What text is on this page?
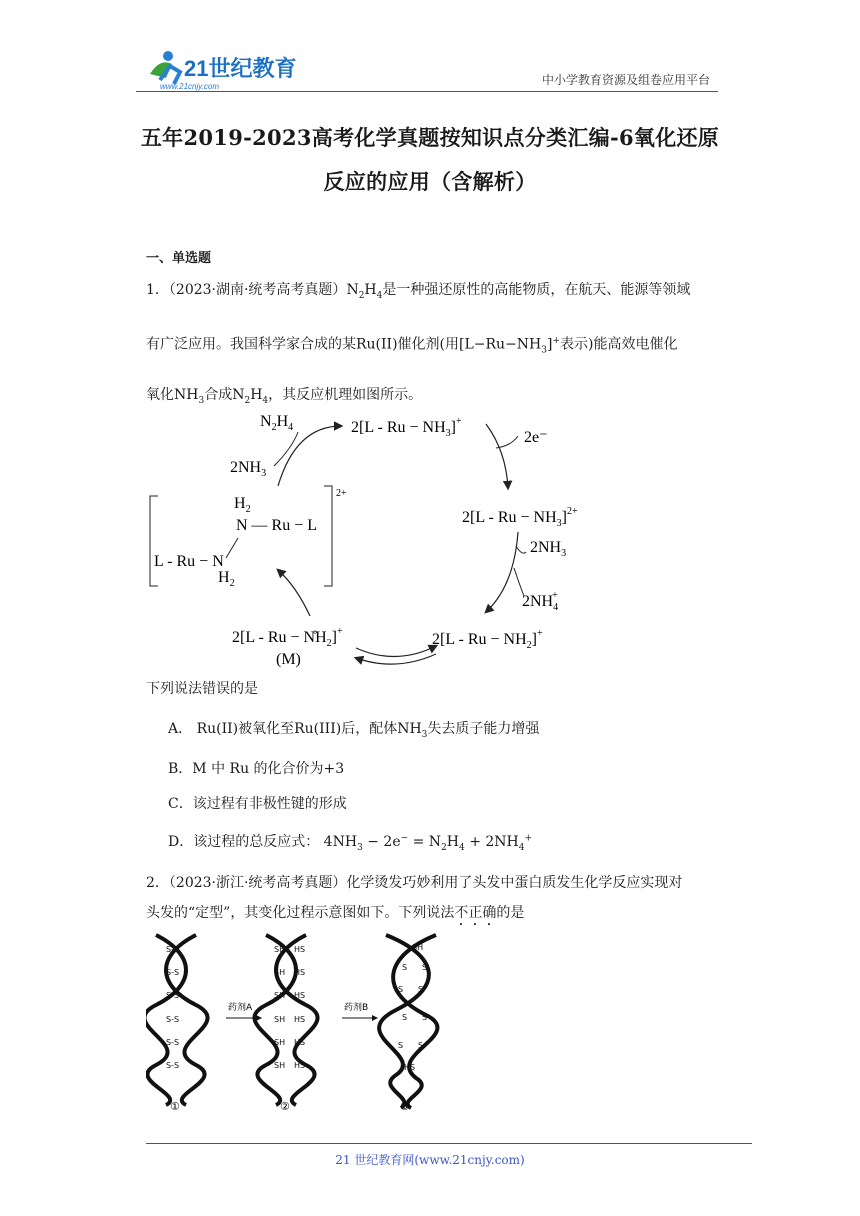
21世纪教育
www.21cnjy.com	中小学教育资源及组卷应用平台
五年2019-2023高考化学真题按知识点分类汇编-6氧化还原
反应的应用（含解析）
一、单选题
1．（2023·湖南·统考高考真题）$N_2H_4$是一种强还原性的高能物质，在航天、能源等领域
有广泛应用。我国科学家合成的某Ru(II)催化剂(用$[L-Ru-NH_3]^+$表示)能高效电催化
氧化$NH_3$合成$N_2H_4$，其反应机理如图所示。
$2[L - Ru - NH_3]^+$
$N_2H_4$
$2NH_3$
2e⁻
$2[L - Ru - NH_3]^{2+}$
$2NH_3$
$2NH_4+$
$2[L - Ru - NH_2]^+$
$2[L - Ru - N̊H_2]^+$
(M)
2+
$H_2$
N — Ru − L
L - Ru − N
$H_2$
下列说法错误的是
A． Ru(II)被氧化至Ru(III)后，配体$NH_3$失去质子能力增强
B．M 中 Ru 的化合价为+3
C．该过程有非极性键的形成
D．该过程的总反应式： $4NH_3 - 2e^- = N_2H_4 + 2NH_4^+$
2．（2023·浙江·统考高考真题）化学烫发巧妙利用了头发中蛋白质发生化学反应实现对
头发的“定型”，其变化过程示意图如下。下列说法不正确的是
S-S
S-S
S-S
S-S
S-S
S-S
SH HS
SH HS
SH HS
SH HS
SH HS
SH HS
SH
S S
S S
S S
S S
HS
药剂A	药剂B
①	②	③
21 世纪教育网(www.21cnjy.com)
